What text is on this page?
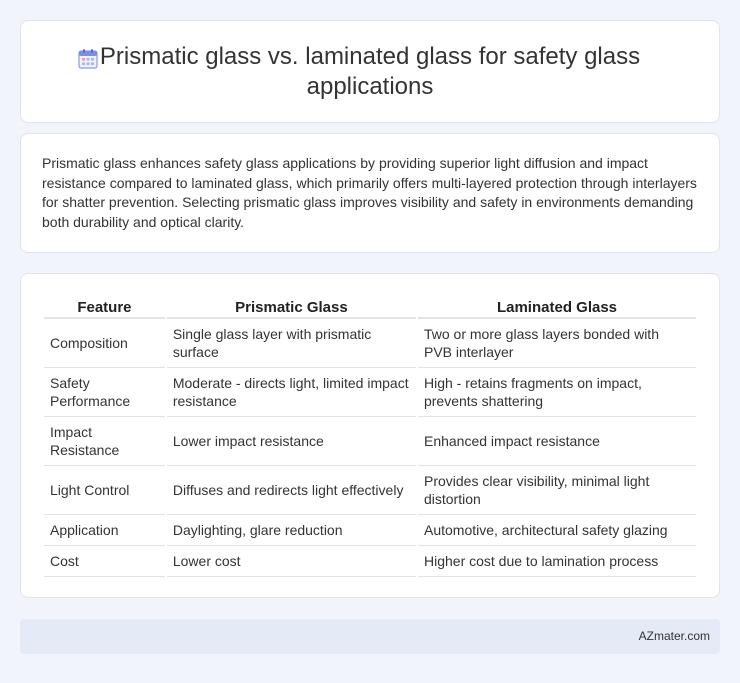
Prismatic glass vs. laminated glass for safety glass applications

Prismatic glass enhances safety glass applications by providing superior light diffusion and impact resistance compared to laminated glass, which primarily offers multi-layered protection through interlayers for shatter prevention. Selecting prismatic glass improves visibility and safety in environments demanding both durability and optical clarity.

Feature	Prismatic Glass	Laminated Glass
Composition	Single glass layer with prismatic surface	Two or more glass layers bonded with PVB interlayer
Safety Performance	Moderate - directs light, limited impact resistance	High - retains fragments on impact, prevents shattering
Impact Resistance	Lower impact resistance	Enhanced impact resistance
Light Control	Diffuses and redirects light effectively	Provides clear visibility, minimal light distortion
Application	Daylighting, glare reduction	Automotive, architectural safety glazing
Cost	Lower cost	Higher cost due to lamination process
AZmater.com
